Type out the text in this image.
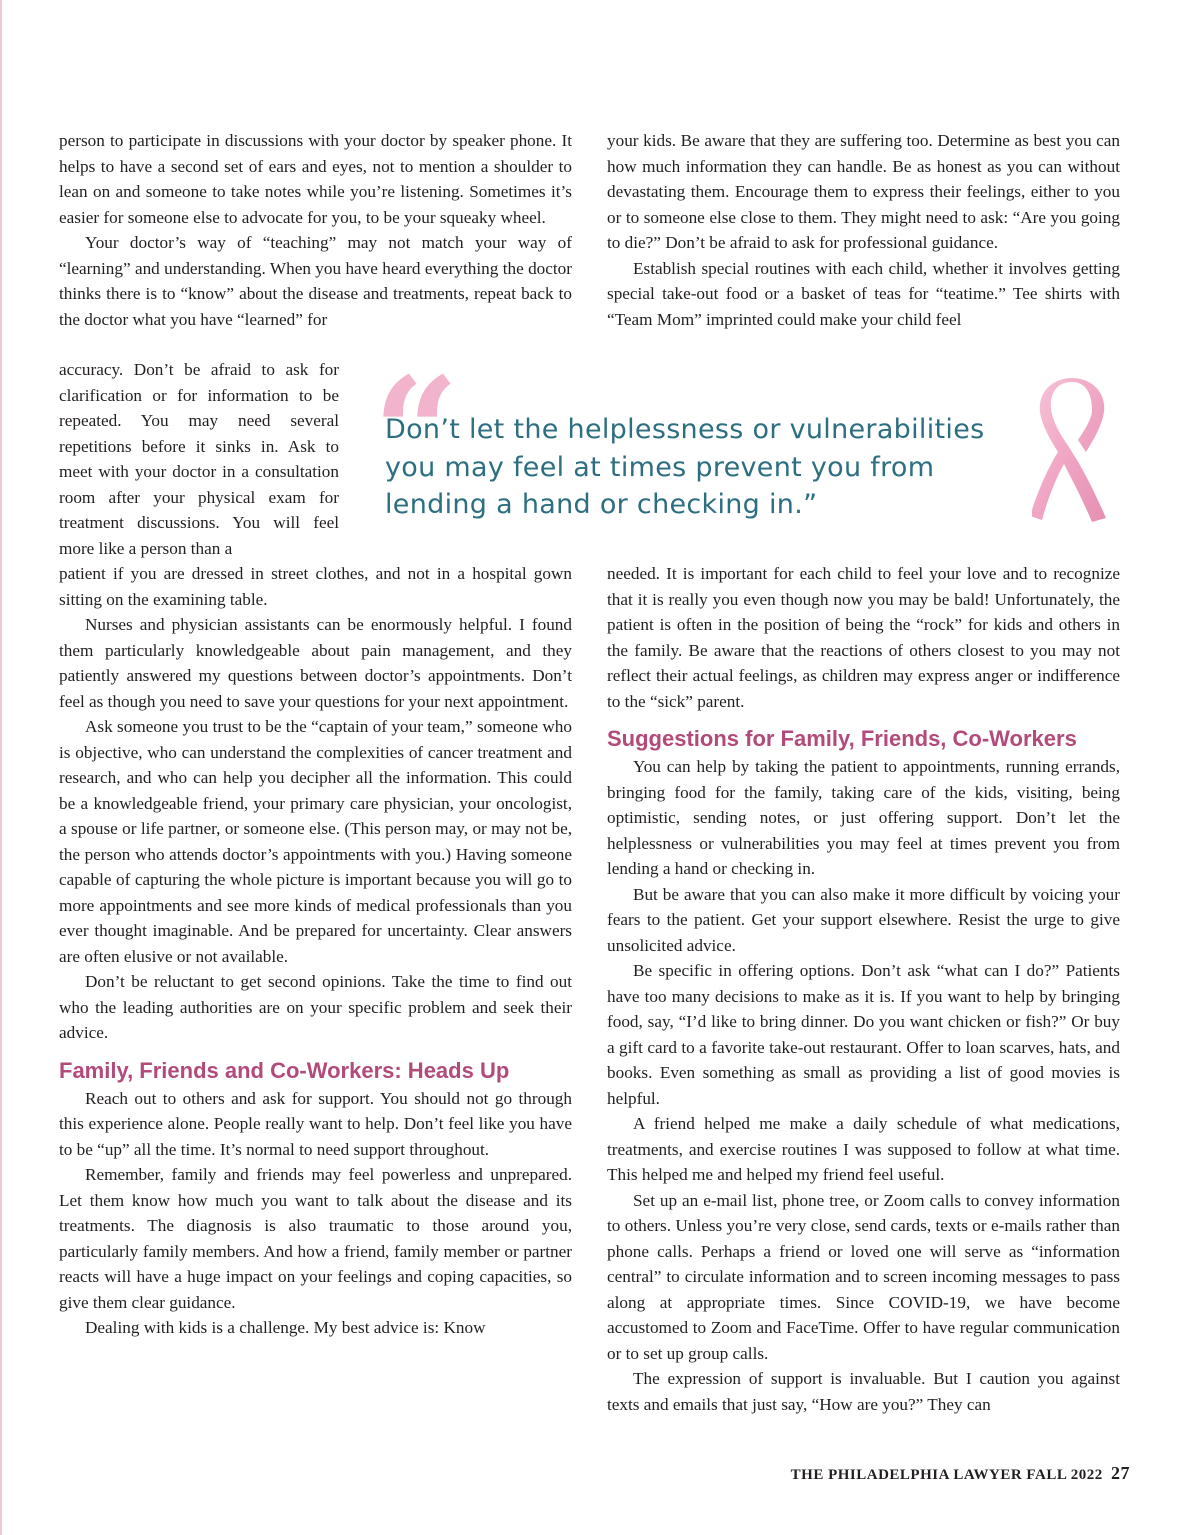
person to participate in discussions with your doctor by speaker phone. It helps to have a second set of ears and eyes, not to mention a shoulder to lean on and someone to take notes while you’re listening. Sometimes it’s easier for someone else to advocate for you, to be your squeaky wheel.

Your doctor’s way of “teaching” may not match your way of “learning” and understanding. When you have heard everything the doctor thinks there is to “know” about the disease and treatments, repeat back to the doctor what you have “learned” for

accuracy. Don’t be afraid to ask for clarification or for information to be repeated. You may need several repetitions before it sinks in. Ask to meet with your doctor in a consultation room after your physical exam for treatment discussions. You will feel more like a person than a

“
Don’t let the helplessness or vulnerabilities you may feel at times prevent you from lending a hand or checking in.”

patient if you are dressed in street clothes, and not in a hospital gown sitting on the examining table.

Nurses and physician assistants can be enormously helpful. I found them particularly knowledgeable about pain management, and they patiently answered my questions between doctor’s appointments. Don’t feel as though you need to save your questions for your next appointment.

Ask someone you trust to be the “captain of your team,” someone who is objective, who can understand the complexities of cancer treatment and research, and who can help you decipher all the information. This could be a knowledgeable friend, your primary care physician, your oncologist, a spouse or life partner, or someone else. (This person may, or may not be, the person who attends doctor’s appointments with you.) Having someone capable of capturing the whole picture is important because you will go to more appointments and see more kinds of medical professionals than you ever thought imaginable. And be prepared for uncertainty. Clear answers are often elusive or not available.

Don’t be reluctant to get second opinions. Take the time to find out who the leading authorities are on your specific problem and seek their advice.

Family, Friends and Co-Workers: Heads Up

Reach out to others and ask for support. You should not go through this experience alone. People really want to help. Don’t feel like you have to be “up” all the time. It’s normal to need support throughout.

Remember, family and friends may feel powerless and unprepared. Let them know how much you want to talk about the disease and its treatments. The diagnosis is also traumatic to those around you, particularly family members. And how a friend, family member or partner reacts will have a huge impact on your feelings and coping capacities, so give them clear guidance.

Dealing with kids is a challenge. My best advice is: Know

your kids. Be aware that they are suffering too. Determine as best you can how much information they can handle. Be as honest as you can without devastating them. Encourage them to express their feelings, either to you or to someone else close to them. They might need to ask: “Are you going to die?” Don’t be afraid to ask for professional guidance.

Establish special routines with each child, whether it involves getting special take-out food or a basket of teas for “teatime.” Tee shirts with “Team Mom” imprinted could make your child feel

needed. It is important for each child to feel your love and to recognize that it is really you even though now you may be bald! Unfortunately, the patient is often in the position of being the “rock” for kids and others in the family. Be aware that the reactions of others closest to you may not reflect their actual feelings, as children may express anger or indifference to the “sick” parent.

Suggestions for Family, Friends, Co-Workers

You can help by taking the patient to appointments, running errands, bringing food for the family, taking care of the kids, visiting, being optimistic, sending notes, or just offering support. Don’t let the helplessness or vulnerabilities you may feel at times prevent you from lending a hand or checking in.

But be aware that you can also make it more difficult by voicing your fears to the patient. Get your support elsewhere. Resist the urge to give unsolicited advice.

Be specific in offering options. Don’t ask “what can I do?” Patients have too many decisions to make as it is. If you want to help by bringing food, say, “I’d like to bring dinner. Do you want chicken or fish?” Or buy a gift card to a favorite take-out restaurant. Offer to loan scarves, hats, and books. Even something as small as providing a list of good movies is helpful.

A friend helped me make a daily schedule of what medications, treatments, and exercise routines I was supposed to follow at what time. This helped me and helped my friend feel useful.

Set up an e-mail list, phone tree, or Zoom calls to convey information to others. Unless you’re very close, send cards, texts or e-mails rather than phone calls. Perhaps a friend or loved one will serve as “information central” to circulate information and to screen incoming messages to pass along at appropriate times. Since COVID-19, we have become accustomed to Zoom and FaceTime. Offer to have regular communication or to set up group calls.

The expression of support is invaluable. But I caution you against texts and emails that just say, “How are you?” They can

THE PHILADELPHIA LAWYER FALL 2022 27
